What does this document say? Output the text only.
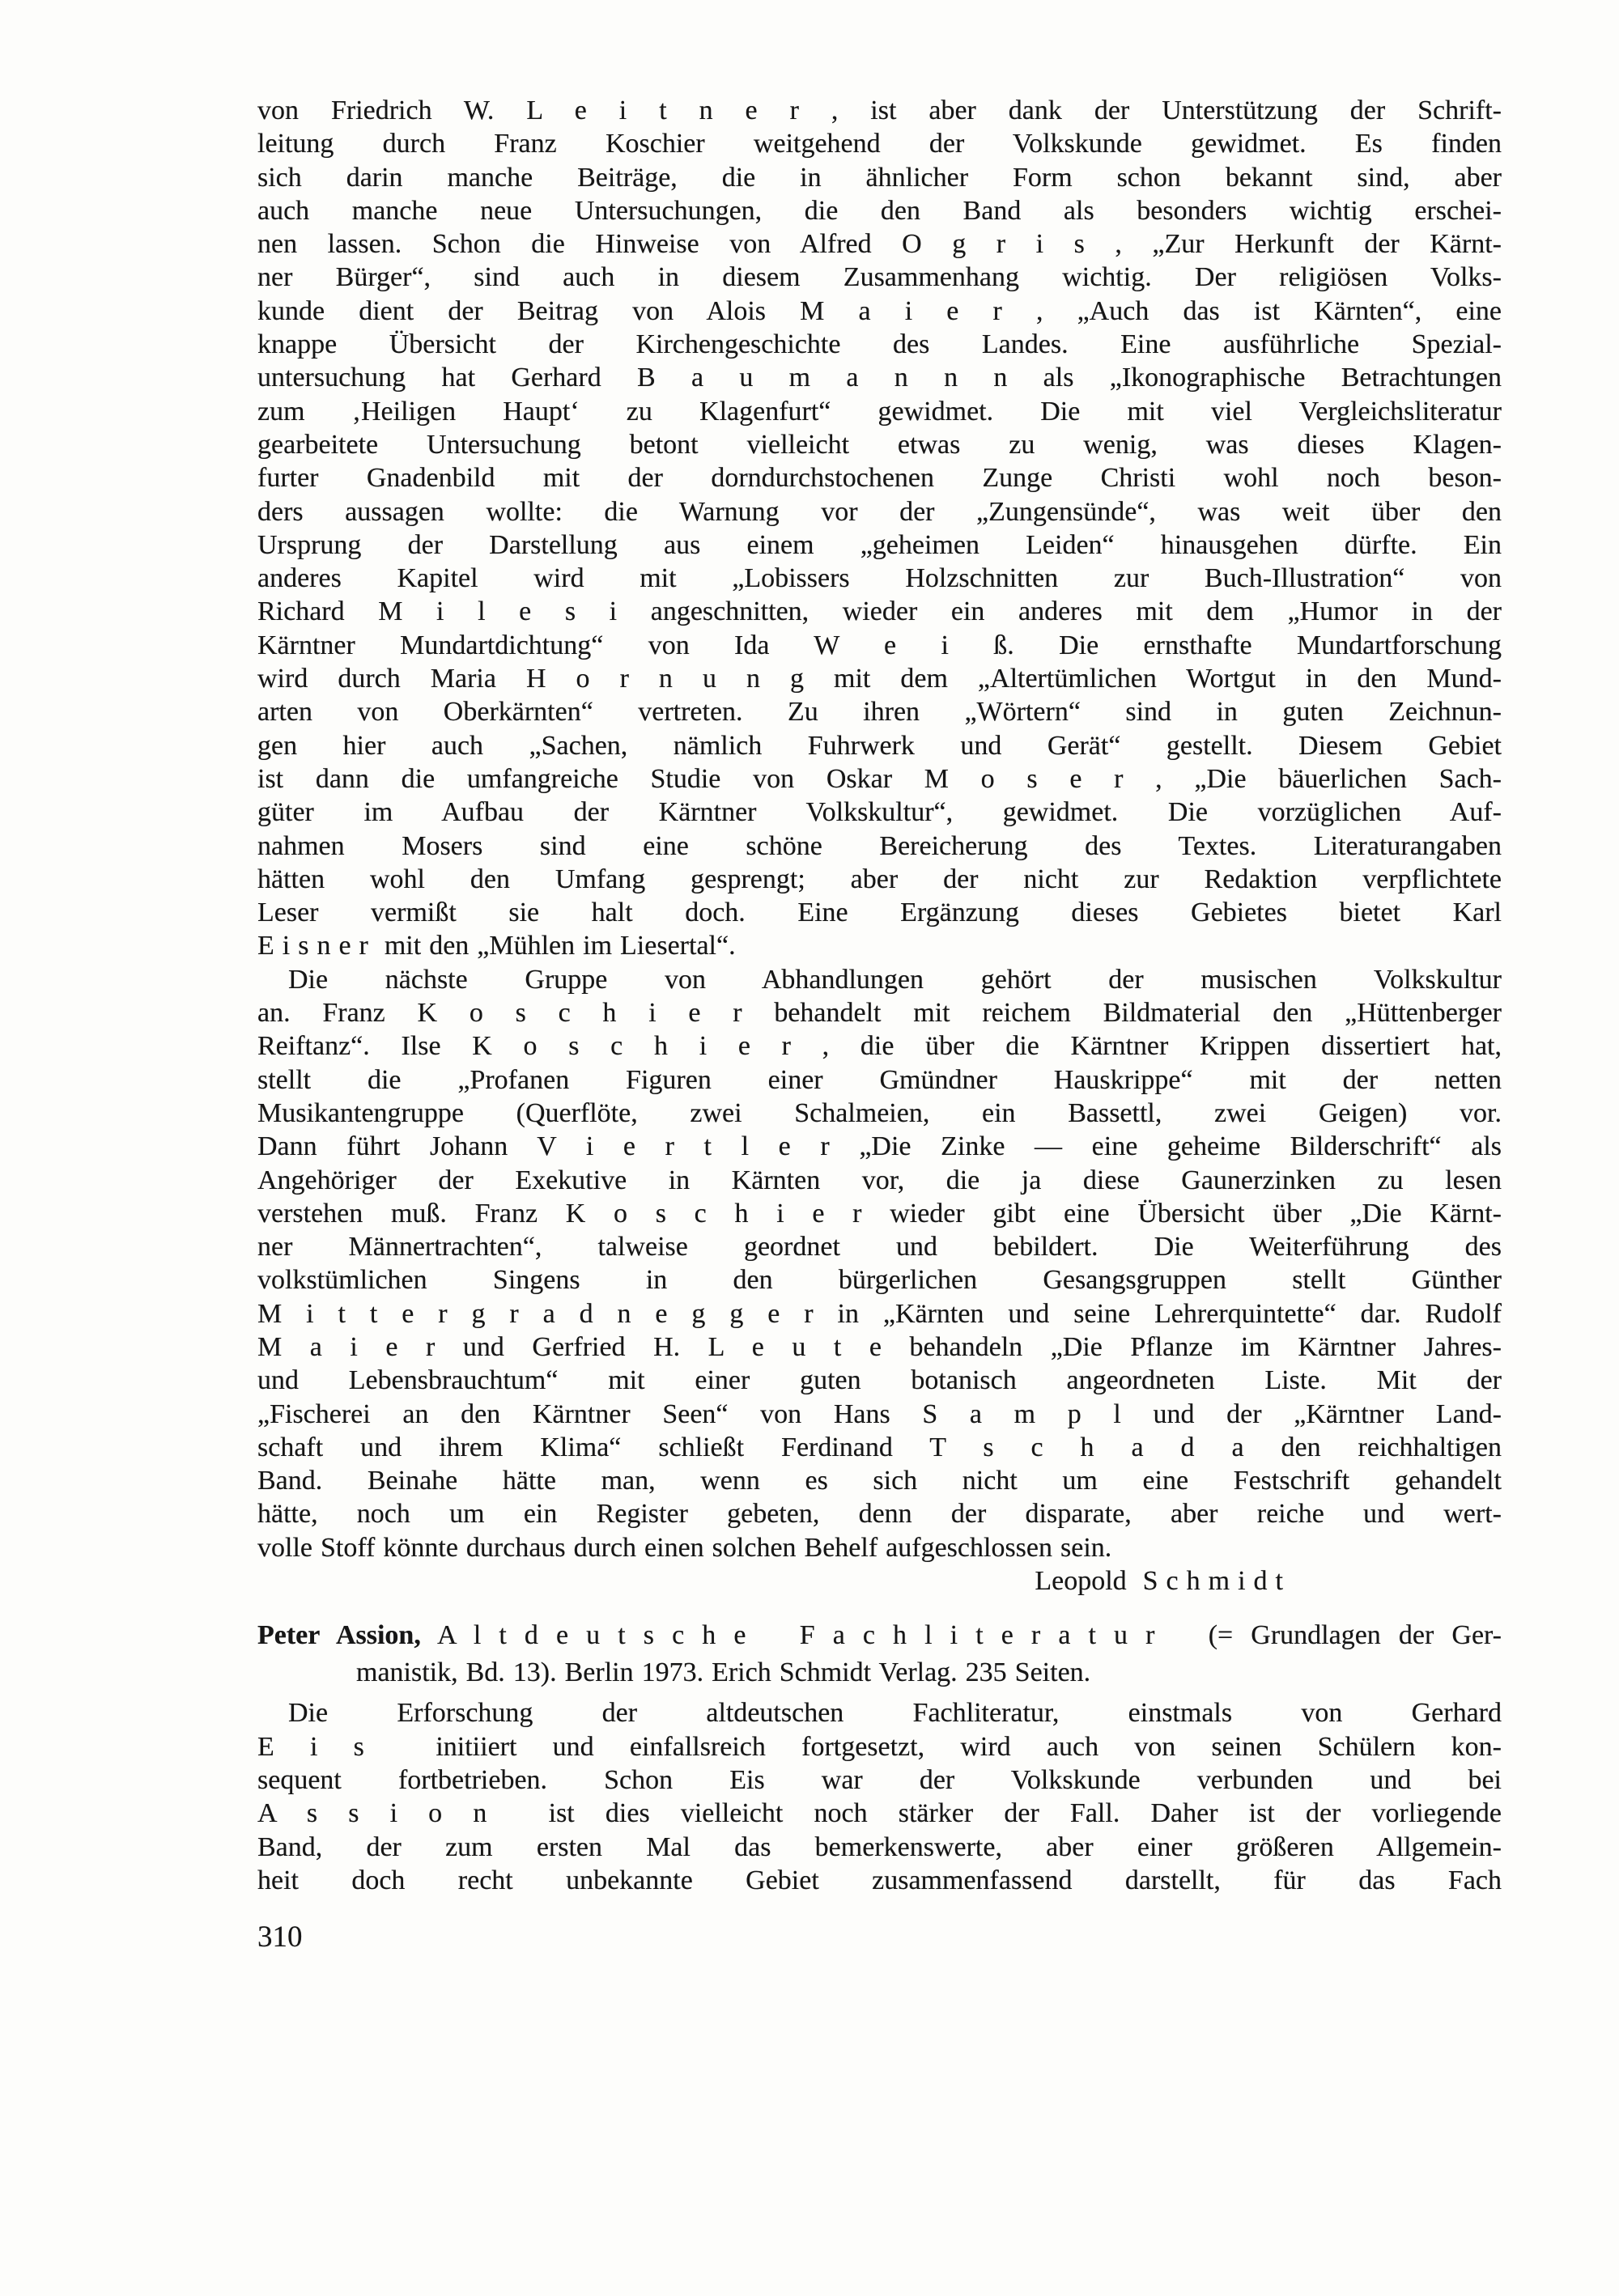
von Friedrich W. L e i t n e r , ist aber dank der Unterstützung der Schrift-
leitung durch Franz Koschier weitgehend der Volkskunde gewidmet. Es finden
sich darin manche Beiträge, die in ähnlicher Form schon bekannt sind, aber
auch manche neue Untersuchungen, die den Band als besonders wichtig erschei-
nen lassen. Schon die Hinweise von Alfred O g r i s , „Zur Herkunft der Kärnt-
ner Bürger“, sind auch in diesem Zusammenhang wichtig. Der religiösen Volks-
kunde dient der Beitrag von Alois M a i e r , „Auch das ist Kärnten“, eine
knappe Übersicht der Kirchengeschichte des Landes. Eine ausführliche Spezial-
untersuchung hat Gerhard B a u m a n n n als „Ikonographische Betrachtungen
zum ‚Heiligen Haupt‘ zu Klagenfurt“ gewidmet. Die mit viel Vergleichsliteratur
gearbeitete Untersuchung betont vielleicht etwas zu wenig, was dieses Klagen-
furter Gnadenbild mit der dorndurchstochenen Zunge Christi wohl noch beson-
ders aussagen wollte: die Warnung vor der „Zungensünde“, was weit über den
Ursprung der Darstellung aus einem „geheimen Leiden“ hinausgehen dürfte. Ein
anderes Kapitel wird mit „Lobissers Holzschnitten zur Buch-Illustration“ von
Richard M i l e s i angeschnitten, wieder ein anderes mit dem „Humor in der
Kärntner Mundartdichtung“ von Ida W e i ß. Die ernsthafte Mundartforschung
wird durch Maria H o r n u n g mit dem „Altertümlichen Wortgut in den Mund-
arten von Oberkärnten“ vertreten. Zu ihren „Wörtern“ sind in guten Zeichnun-
gen hier auch „Sachen, nämlich Fuhrwerk und Gerät“ gestellt. Diesem Gebiet
ist dann die umfangreiche Studie von Oskar M o s e r , „Die bäuerlichen Sach-
güter im Aufbau der Kärntner Volkskultur“, gewidmet. Die vorzüglichen Auf-
nahmen Mosers sind eine schöne Bereicherung des Textes. Literaturangaben
hätten wohl den Umfang gesprengt; aber der nicht zur Redaktion verpflichtete
Leser vermißt sie halt doch. Eine Ergänzung dieses Gebietes bietet Karl
E i s n e r  mit den „Mühlen im Liesertal“.
Die nächste Gruppe von Abhandlungen gehört der musischen Volkskultur
an. Franz K o s c h i e r behandelt mit reichem Bildmaterial den „Hüttenberger
Reiftanz“. Ilse K o s c h i e r , die über die Kärntner Krippen dissertiert hat,
stellt die „Profanen Figuren einer Gmündner Hauskrippe“ mit der netten
Musikantengruppe (Querflöte, zwei Schalmeien, ein Bassettl, zwei Geigen) vor.
Dann führt Johann V i e r t l e r „Die Zinke — eine geheime Bilderschrift“ als
Angehöriger der Exekutive in Kärnten vor, die ja diese Gaunerzinken zu lesen
verstehen muß. Franz K o s c h i e r wieder gibt eine Übersicht über „Die Kärnt-
ner Männertrachten“, talweise geordnet und bebildert. Die Weiterführung des
volkstümlichen Singens in den bürgerlichen Gesangsgruppen stellt Günther
M i t t e r g r a d n e g g e r in „Kärnten und seine Lehrerquintette“ dar. Rudolf
M a i e r und Gerfried H. L e u t e behandeln „Die Pflanze im Kärntner Jahres-
und Lebensbrauchtum“ mit einer guten botanisch angeordneten Liste. Mit der
„Fischerei an den Kärntner Seen“ von Hans S a m p l und der „Kärntner Land-
schaft und ihrem Klima“ schließt Ferdinand T s c h a d a den reichhaltigen
Band. Beinahe hätte man, wenn es sich nicht um eine Festschrift gehandelt
hätte, noch um ein Register gebeten, denn der disparate, aber reiche und wert-
volle Stoff könnte durchaus durch einen solchen Behelf aufgeschlossen sein.
Leopold  S c h m i d t
Peter Assion, A l t d e u t s c h e   F a c h l i t e r a t u r   (= Grundlagen der Ger-
manistik, Bd. 13). Berlin 1973. Erich Schmidt Verlag. 235 Seiten.
Die Erforschung der altdeutschen Fachliteratur, einstmals von Gerhard
E i s  initiiert und einfallsreich fortgesetzt, wird auch von seinen Schülern kon-
sequent fortbetrieben. Schon Eis war der Volkskunde verbunden und bei
A s s i o n  ist dies vielleicht noch stärker der Fall. Daher ist der vorliegende
Band, der zum ersten Mal das bemerkenswerte, aber einer größeren Allgemein-
heit doch recht unbekannte Gebiet zusammenfassend darstellt, für das Fach
310
